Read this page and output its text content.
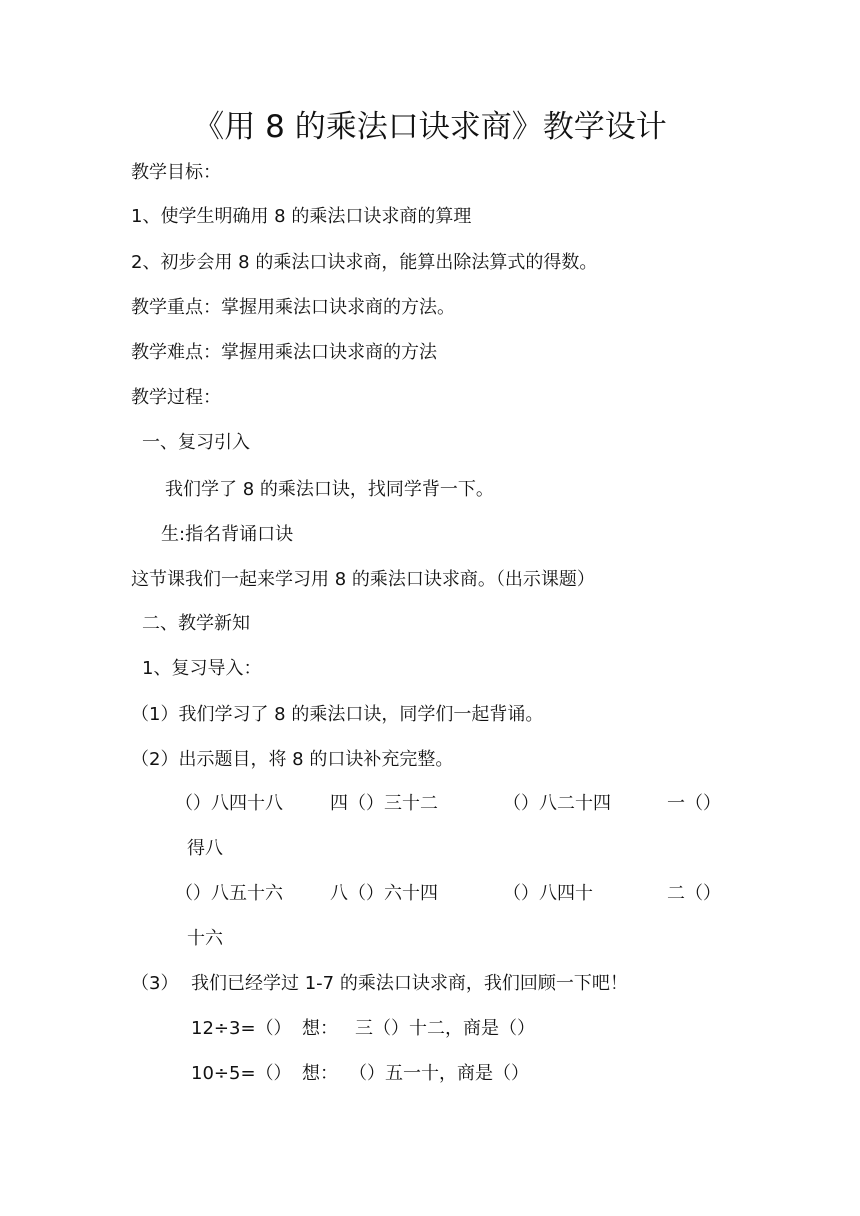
《用 8 的乘法口诀求商》教学设计
教学目标：
1、使学生明确用 8 的乘法口诀求商的算理
2、初步会用 8 的乘法口诀求商，能算出除法算式的得数。
教学重点：掌握用乘法口诀求商的方法。
教学难点：掌握用乘法口诀求商的方法
教学过程：
一、复习引入
我们学了 8 的乘法口诀，找同学背一下。
生:指名背诵口诀
这节课我们一起来学习用 8 的乘法口诀求商。（出示课题）
二、教学新知
1、复习导入：
（1）我们学习了 8 的乘法口诀，同学们一起背诵。
（2）出示题目，将 8 的口诀补充完整。
（）八四十八	四（）三十二	（）八二十四	一（）
得八
（）八五十六	八（）六十四	（）八四十	二（）
十六
（3） 我们已经学过 1-7 的乘法口诀求商，我们回顾一下吧！
12÷3=（） 想： 三（）十二，商是（）
10÷5=（） 想： （）五一十，商是（）
